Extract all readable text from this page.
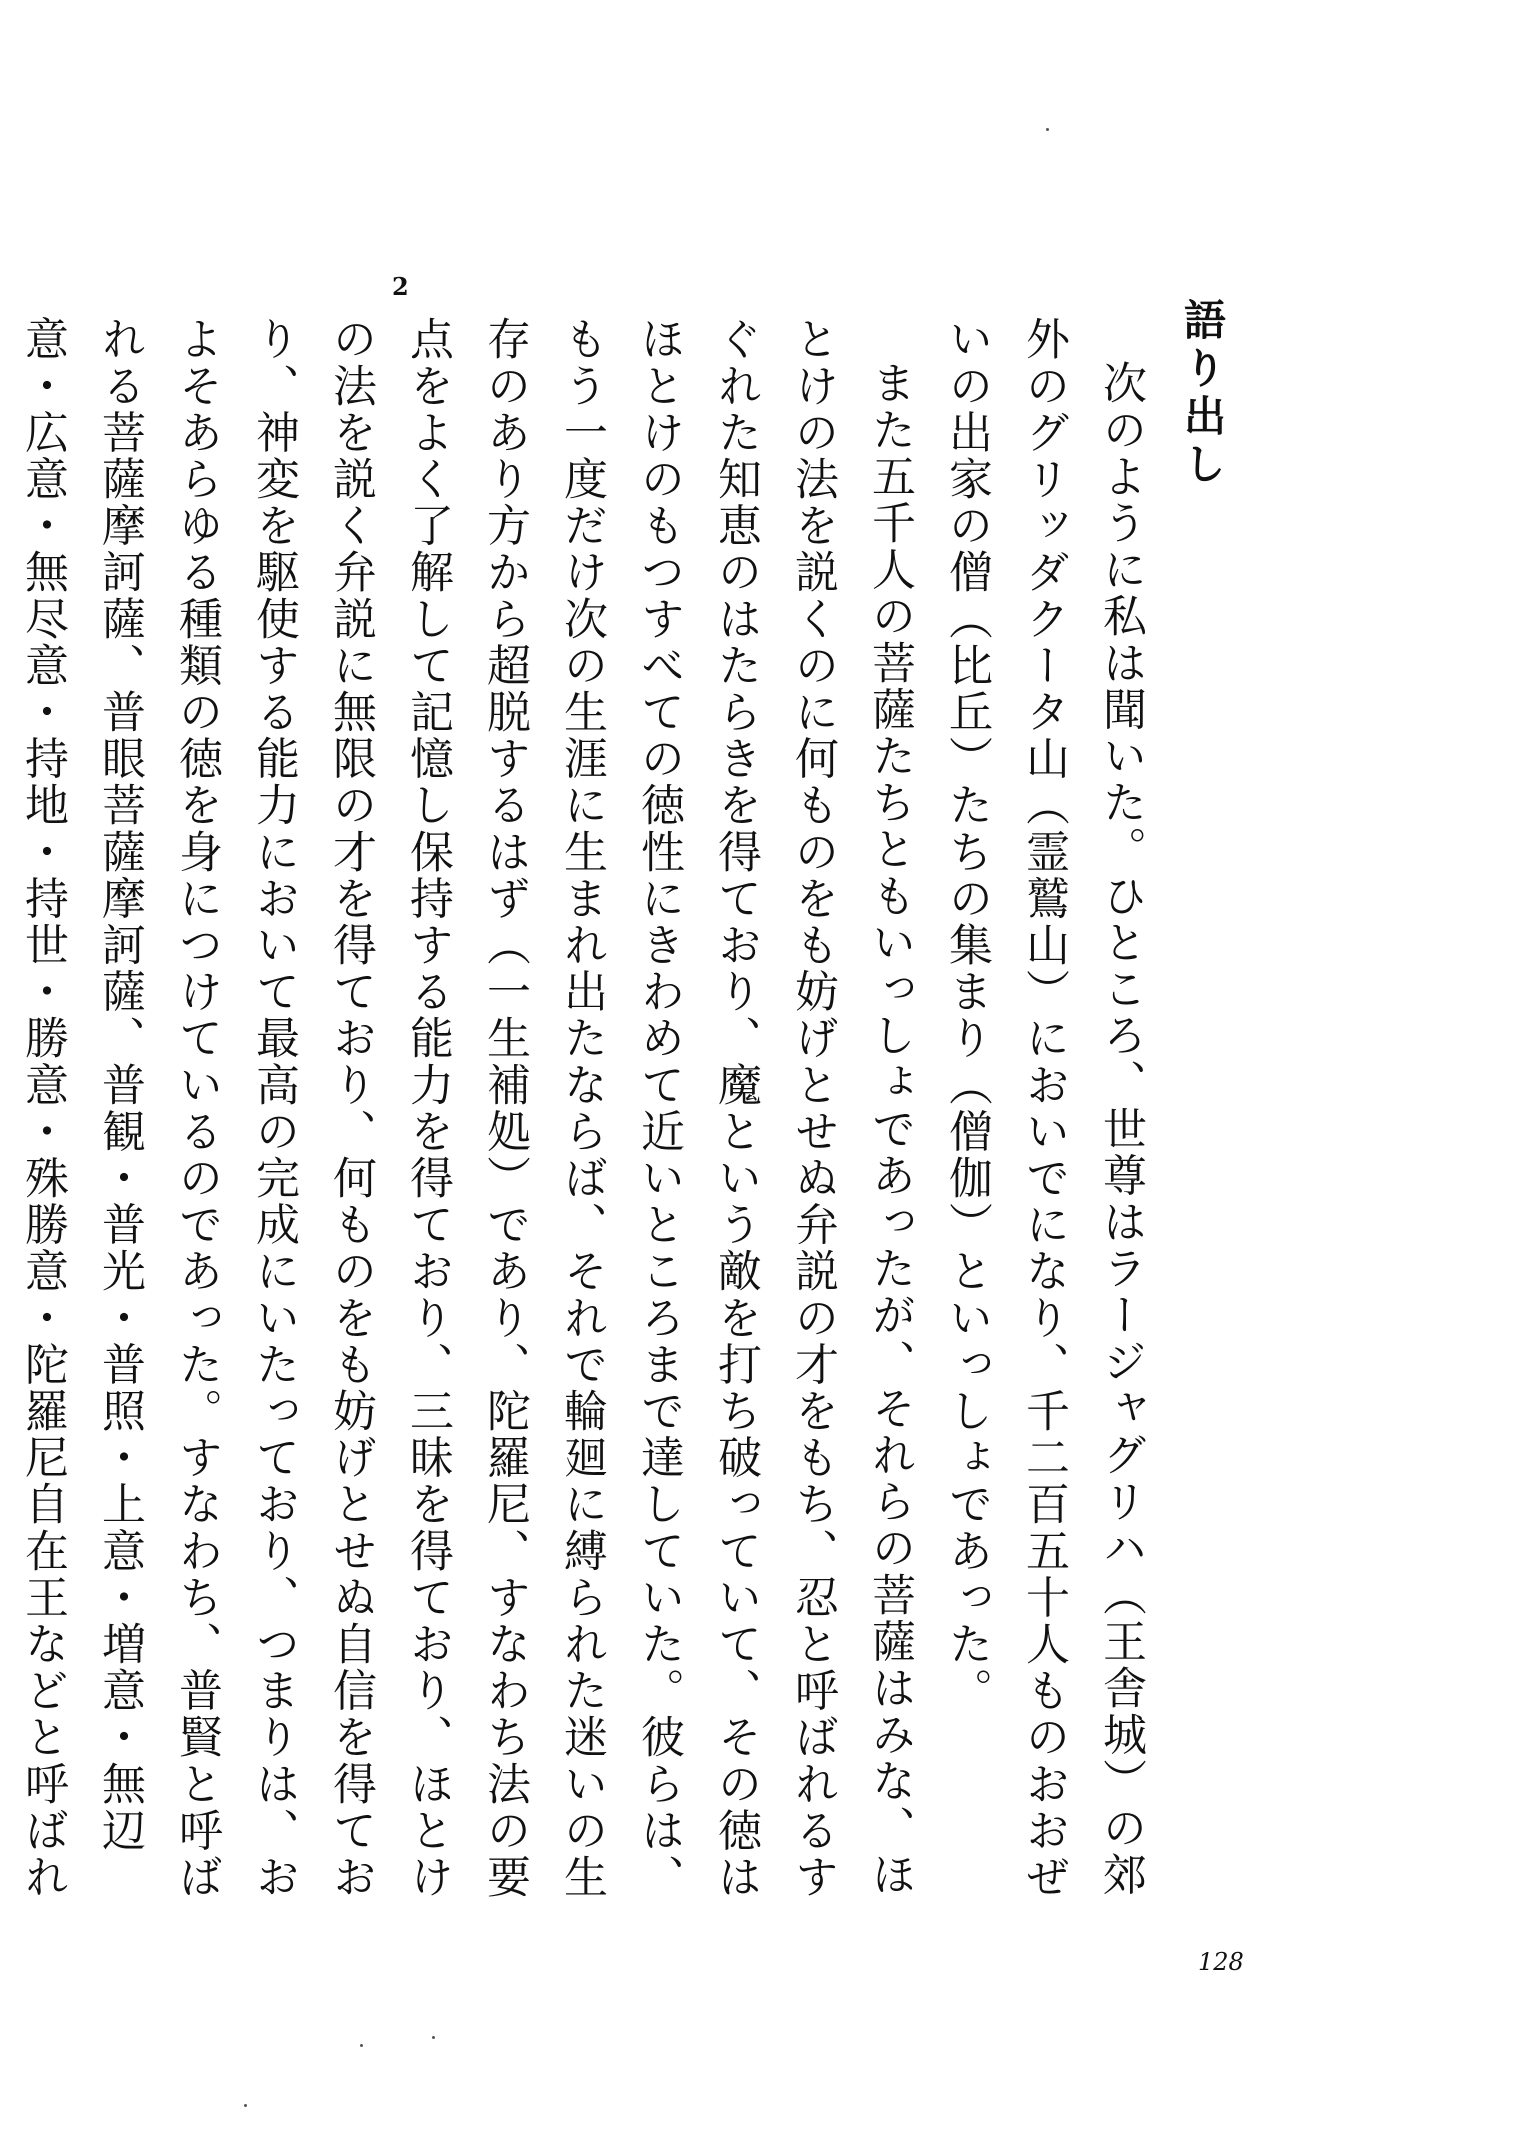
語り出し
2

次のように私は聞いた。ひところ、世尊はラージャグリハ（王舎城）の郊外のグリッダクータ山（霊鷲山）においでになり、千二百五十人ものおおぜいの出家の僧（比丘）たちの集まり（僧伽）といっしょであった。

また五千人の菩薩たちともいっしょであったが、それらの菩薩はみな、ほとけの法を説くのに何ものをも妨げとせぬ弁説の才をもち、忍と呼ばれるすぐれた知恵のはたらきを得ており、魔という敵を打ち破っていて、その徳はほとけのもつすべての徳性にきわめて近いところまで達していた。彼らは、もう一度だけ次の生涯に生まれ出たならば、それで輪廻に縛られた迷いの生存のあり方から超脱するはず（一生補処）であり、陀羅尼、すなわち法の要点をよく了解して記憶し保持する能力を得ており、三昧を得ており、ほとけの法を説く弁説に無限の才を得ており、何ものをも妨げとせぬ自信を得ており、神変を駆使する能力において最高の完成にいたっており、つまりは、およそあらゆる種類の徳を身につけているのであった。すなわち、普賢と呼ばれる菩薩摩訶薩、普眼菩薩摩訶薩、普観・普光・普照・上意・増意・無辺意・広意・無尽意・持地・持世・勝意・殊勝意・陀羅尼自在王などと呼ばれ

128
